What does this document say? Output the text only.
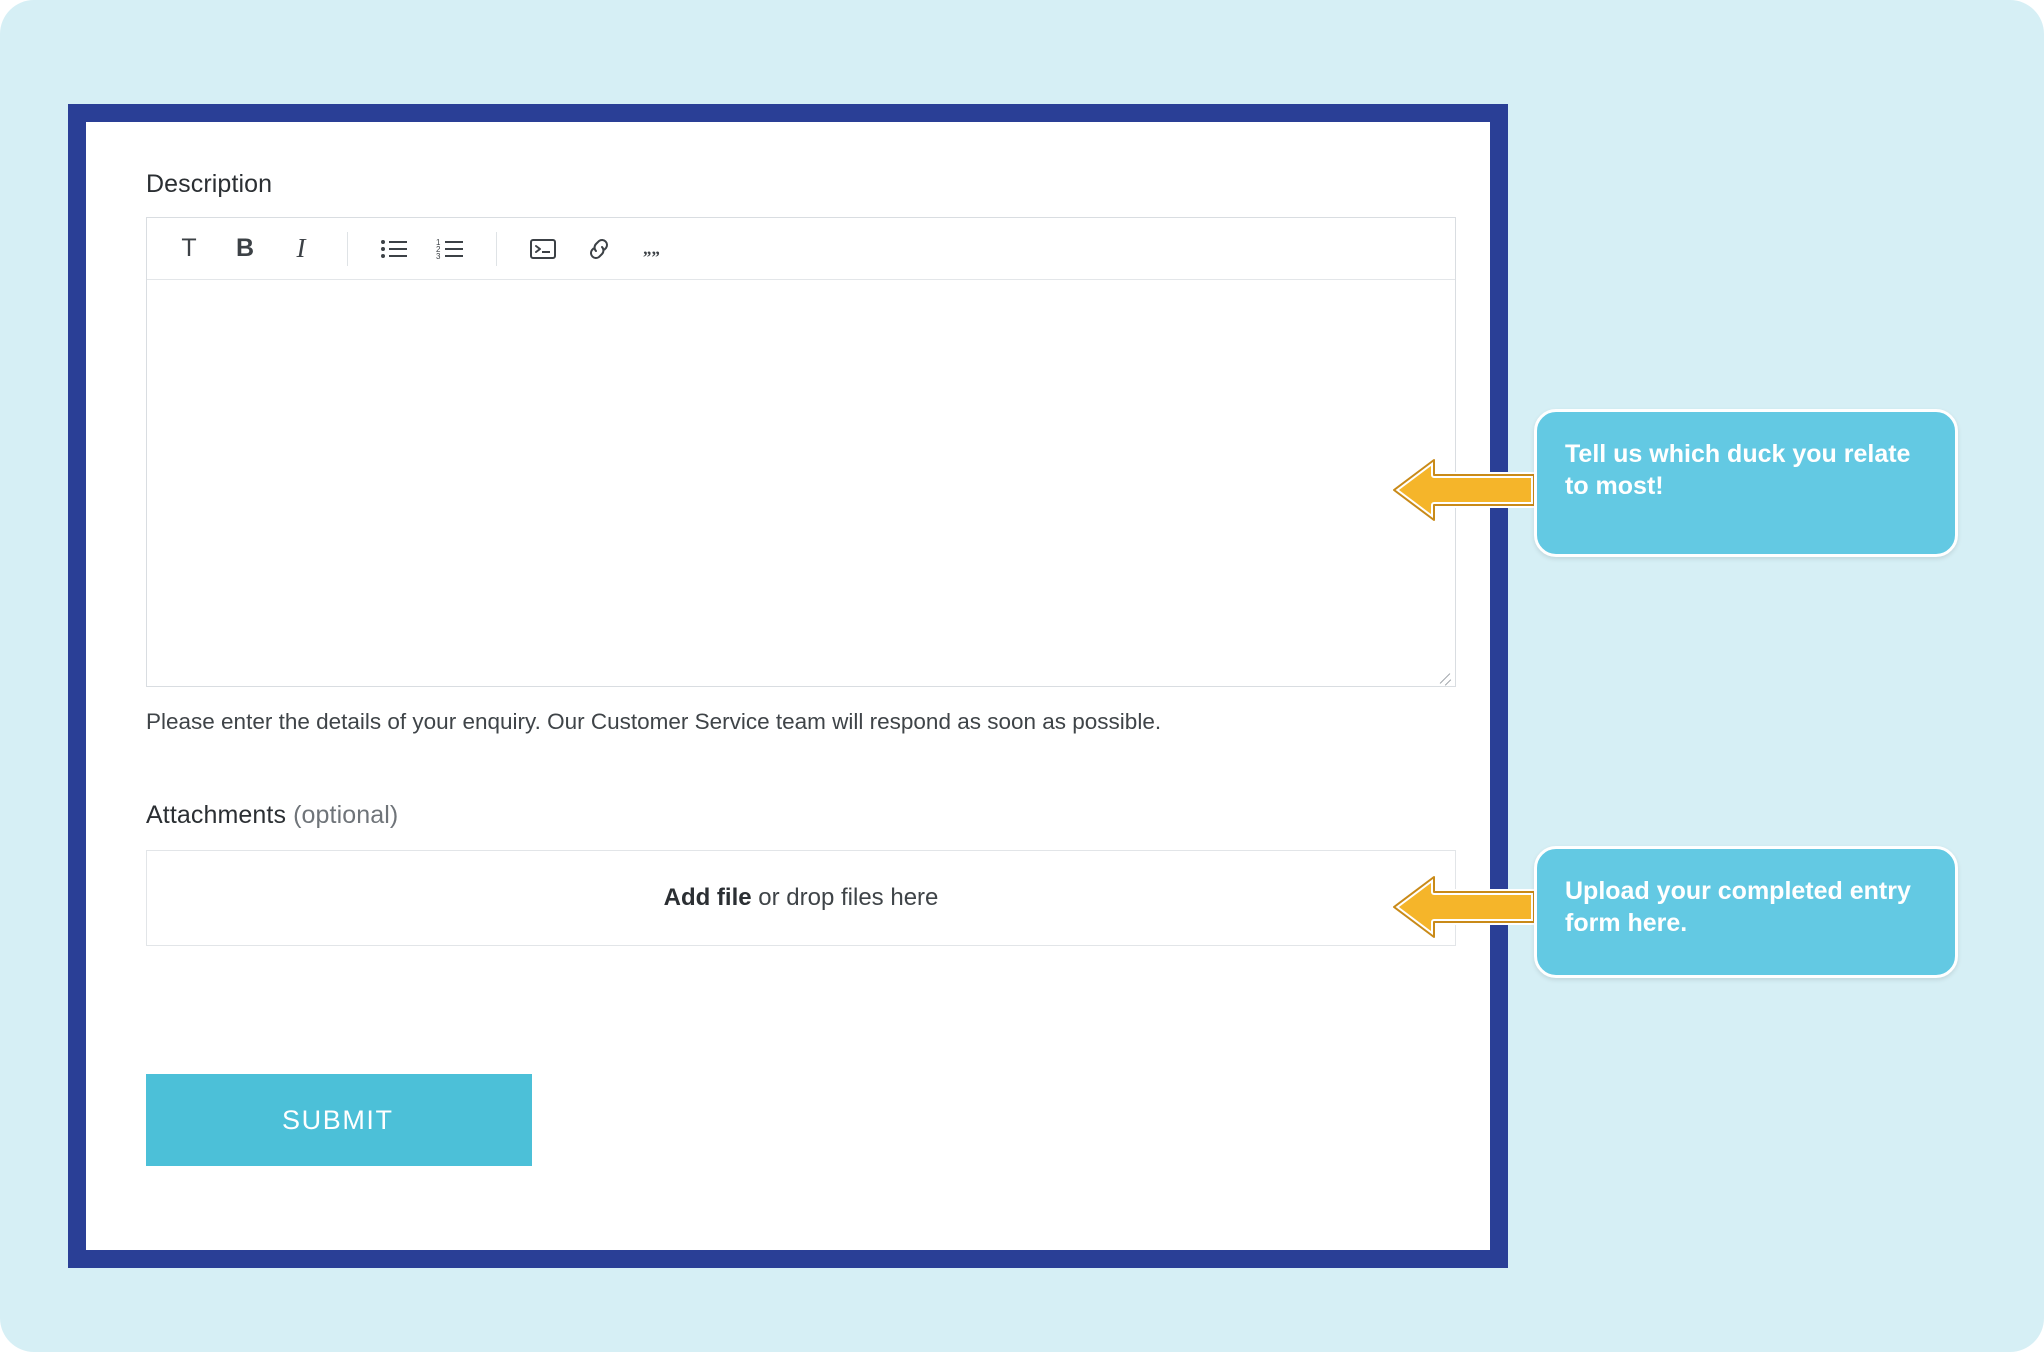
Description
T	B	I	1
2
3	„„

Please enter the details of your enquiry. Our Customer Service team will respond as soon as possible.

Attachments (optional)
Add file or drop files here
SUBMIT
Tell us which duck you relate to most!
Upload your completed entry form here.
